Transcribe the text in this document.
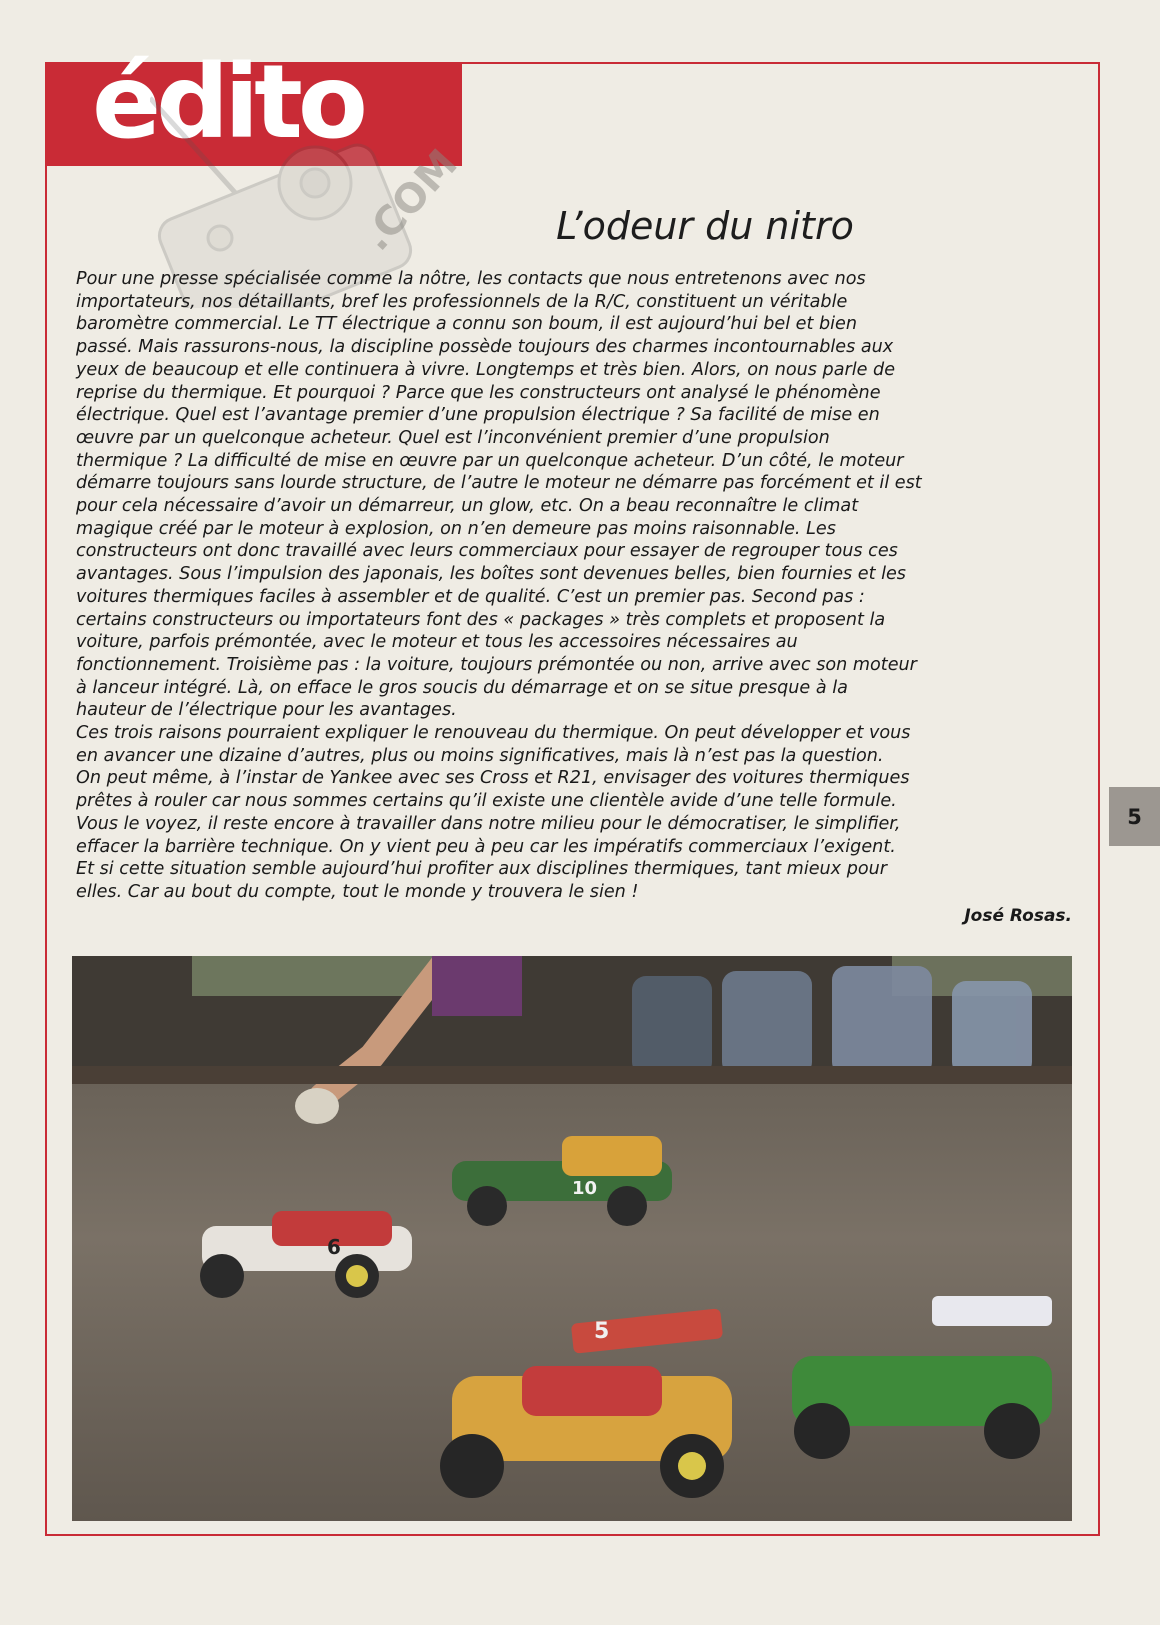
édito
.COM	L’odeur du nitro
Pour une presse spécialisée comme la nôtre, les contacts que nous entretenons avec nos
importateurs, nos détaillants, bref les professionnels de la R/C, constituent un véritable
baromètre commercial. Le TT électrique a connu son boum, il est aujourd’hui bel et bien
passé. Mais rassurons-nous, la discipline possède toujours des charmes incontournables aux
yeux de beaucoup et elle continuera à vivre. Longtemps et très bien. Alors, on nous parle de
reprise du thermique. Et pourquoi ? Parce que les constructeurs ont analysé le phénomène
électrique. Quel est l’avantage premier d’une propulsion électrique ? Sa facilité de mise en
œuvre par un quelconque acheteur. Quel est l’inconvénient premier d’une propulsion
thermique ? La difficulté de mise en œuvre par un quelconque acheteur. D’un côté, le moteur
démarre toujours sans lourde structure, de l’autre le moteur ne démarre pas forcément et il est
pour cela nécessaire d’avoir un démarreur, un glow, etc. On a beau reconnaître le climat
magique créé par le moteur à explosion, on n’en demeure pas moins raisonnable. Les
constructeurs ont donc travaillé avec leurs commerciaux pour essayer de regrouper tous ces
avantages. Sous l’impulsion des japonais, les boîtes sont devenues belles, bien fournies et les
voitures thermiques faciles à assembler et de qualité. C’est un premier pas. Second pas :
certains constructeurs ou importateurs font des « packages » très complets et proposent la
voiture, parfois prémontée, avec le moteur et tous les accessoires nécessaires au
fonctionnement. Troisième pas : la voiture, toujours prémontée ou non, arrive avec son moteur
à lanceur intégré. Là, on efface le gros soucis du démarrage et on se situe presque à la
hauteur de l’électrique pour les avantages.
Ces trois raisons pourraient expliquer le renouveau du thermique. On peut développer et vous
en avancer une dizaine d’autres, plus ou moins significatives, mais là n’est pas la question.
On peut même, à l’instar de Yankee avec ses Cross et R21, envisager des voitures thermiques
prêtes à rouler car nous sommes certains qu’il existe une clientèle avide d’une telle formule.
Vous le voyez, il reste encore à travailler dans notre milieu pour le démocratiser, le simplifier,
effacer la barrière technique. On y vient peu à peu car les impératifs commerciaux l’exigent.
Et si cette situation semble aujourd’hui profiter aux disciplines thermiques, tant mieux pour
elles. Car au bout du compte, tout le monde y trouvera le sien !
José Rosas.
6
10
5
5
